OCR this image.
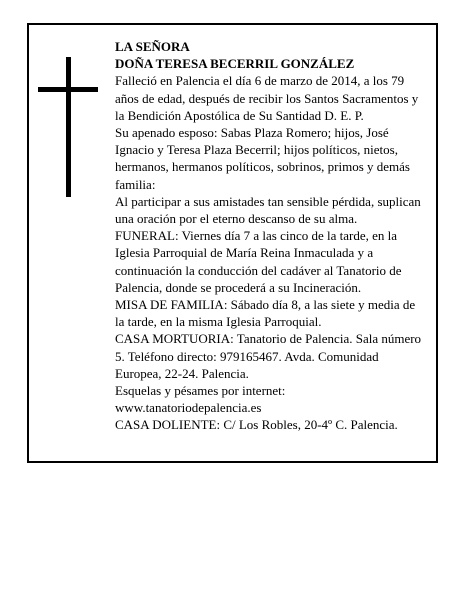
LA SEÑORA

DOÑA TERESA BECERRIL GONZÁLEZ

Falleció en Palencia el día 6 de marzo de 2014, a los 79 años de edad, después de recibir los Santos Sacramentos y la Bendición Apostólica de Su Santidad D. E. P.

Su apenado esposo: Sabas Plaza Romero; hijos, José Ignacio y Teresa Plaza Becerril; hijos políticos, nietos, hermanos, hermanos políticos, sobrinos, primos y demás familia:

Al participar a sus amistades tan sensible pérdida, suplican una oración por el eterno descanso de su alma.

FUNERAL: Viernes día 7 a las cinco de la tarde, en la Iglesia Parroquial de María Reina Inmaculada y a continuación la conducción del cadáver al Tanatorio de Palencia, donde se procederá a su Incineración.

MISA DE FAMILIA: Sábado día 8, a las siete y media de la tarde, en la misma Iglesia Parroquial.

CASA MORTUORIA: Tanatorio de Palencia. Sala número 5. Teléfono directo: 979165467. Avda. Comunidad Europea, 22-24. Palencia.

Esquelas y pésames por internet:

www.tanatoriodepalencia.es

CASA DOLIENTE: C/ Los Robles, 20-4º C. Palencia.
